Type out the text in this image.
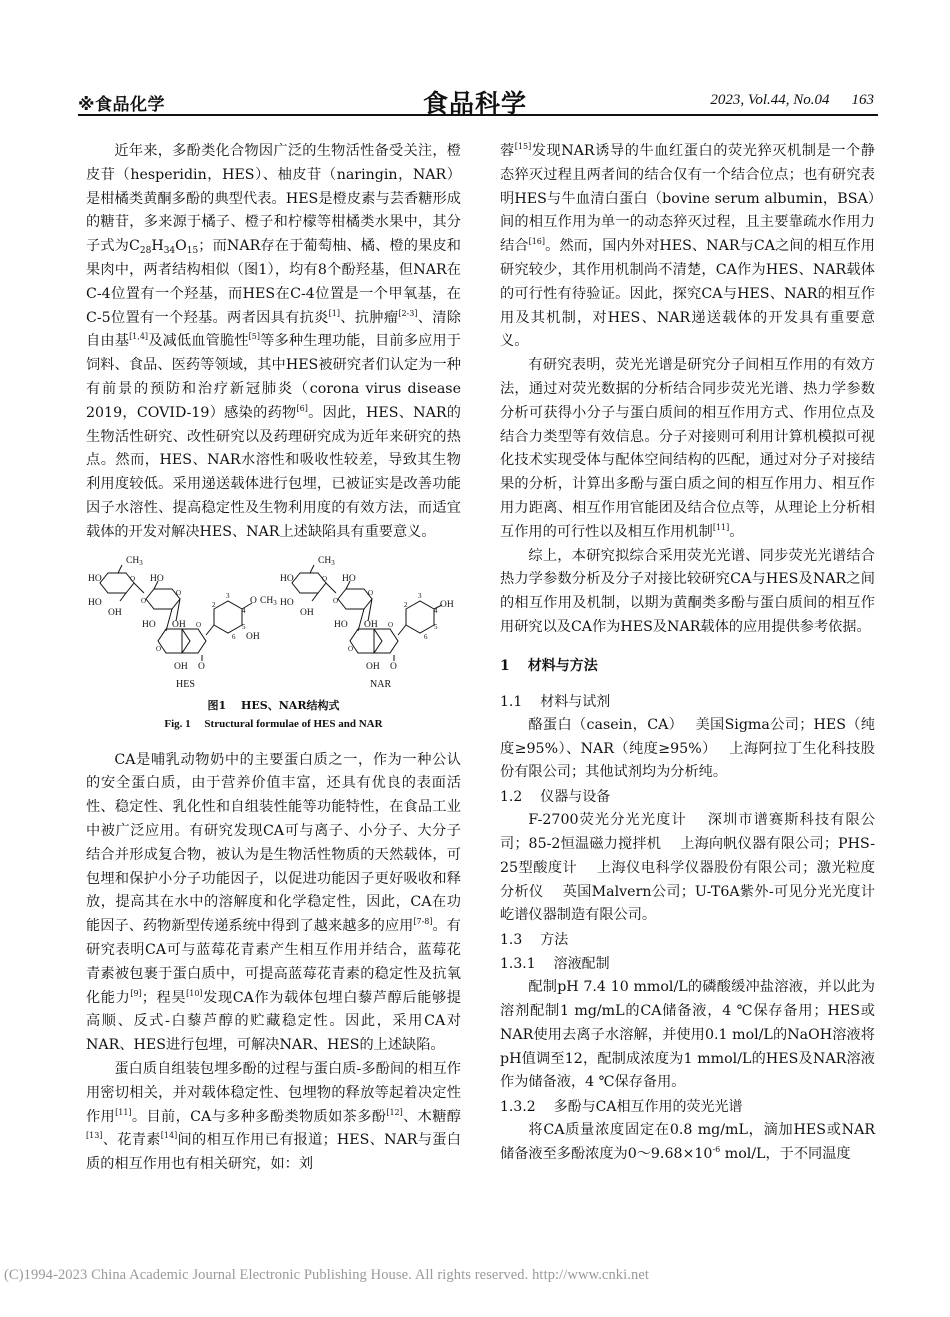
※食品化学	食品科学	2023, Vol.44, No.04 163

近年来，多酚类化合物因广泛的生物活性备受关注，橙皮苷（hesperidin，HES）、柚皮苷（naringin，NAR）是柑橘类黄酮多酚的典型代表。HES是橙皮素与芸香糖形成的糖苷，多来源于橘子、橙子和柠檬等柑橘类水果中，其分子式为$C_{28}H_{34}O_{15}$；而NAR存在于葡萄柚、橘、橙的果皮和果肉中，两者结构相似（图1），均有8个酚羟基，但NAR在C-4位置有一个羟基，而HES在C-4位置是一个甲氧基，在C-5位置有一个羟基。两者因具有抗炎[1]、抗肿瘤[2-3]、清除自由基[1,4]及减低血管脆性[5]等多种生理功能，目前多应用于饲料、食品、医药等领域，其中HES被研究者们认定为一种有前景的预防和治疗新冠肺炎（corona virus disease 2019，COVID-19）感染的药物[6]。因此，HES、NAR的生物活性研究、改性研究以及药理研究成为近年来研究的热点。然而，HES、NAR水溶性和吸收性较差，导致其生物利用度较低。采用递送载体进行包埋，已被证实是改善功能因子水溶性、提高稳定性及生物利用度的有效方法，而适宜载体的开发对解决HES、NAR上述缺陷具有重要意义。

$CH_3$
O
HO
HO
OH
O
O
HO
HO OH
O
O
OH O
3
2
5
6
4
O $CH_3$
OH
HES
$CH_3$
O
HO
HO
OH
O
O
HO
HO OH
O
O
OH O
3
2
5
6
4
OH
NAR
图1　 HES、NAR结构式
Fig. 1　 Structural formulae of HES and NAR

CA是哺乳动物奶中的主要蛋白质之一，作为一种公认的安全蛋白质，由于营养价值丰富，还具有优良的表面活性、稳定性、乳化性和自组装性能等功能特性，在食品工业中被广泛应用。有研究发现CA可与离子、小分子、大分子结合并形成复合物，被认为是生物活性物质的天然载体，可包埋和保护小分子功能因子，以促进功能因子更好吸收和释放，提高其在水中的溶解度和化学稳定性，因此，CA在功能因子、药物新型传递系统中得到了越来越多的应用[7-8]。有研究表明CA可与蓝莓花青素产生相互作用并结合，蓝莓花青素被包裹于蛋白质中，可提高蓝莓花青素的稳定性及抗氧化能力[9]；程昊[10]发现CA作为载体包埋白藜芦醇后能够提高顺、反式-白藜芦醇的贮藏稳定性。因此，采用CA对NAR、HES进行包埋，可解决NAR、HES的上述缺陷。

蛋白质自组装包埋多酚的过程与蛋白质-多酚间的相互作用密切相关，并对载体稳定性、包埋物的释放等起着决定性作用[11]。目前，CA与多种多酚类物质如茶多酚[12]、木糖醇[13]、花青素[14]间的相互作用已有报道；HES、NAR与蛋白质的相互作用也有相关研究，如：刘

蓉[15]发现NAR诱导的牛血红蛋白的荧光猝灭机制是一个静态猝灭过程且两者间的结合仅有一个结合位点；也有研究表明HES与牛血清白蛋白（bovine serum albumin，BSA）间的相互作用为单一的动态猝灭过程，且主要靠疏水作用力结合[16]。然而，国内外对HES、NAR与CA之间的相互作用研究较少，其作用机制尚不清楚，CA作为HES、NAR载体的可行性有待验证。因此，探究CA与HES、NAR的相互作用及其机制，对HES、NAR递送载体的开发具有重要意义。

有研究表明，荧光光谱是研究分子间相互作用的有效方法，通过对荧光数据的分析结合同步荧光光谱、热力学参数分析可获得小分子与蛋白质间的相互作用方式、作用位点及结合力类型等有效信息。分子对接则可利用计算机模拟可视化技术实现受体与配体空间结构的匹配，通过对分子对接结果的分析，计算出多酚与蛋白质之间的相互作用力、相互作用力距离、相互作用官能团及结合位点等，从理论上分析相互作用的可行性以及相互作用机制[11]。

综上，本研究拟综合采用荧光光谱、同步荧光光谱结合热力学参数分析及分子对接比较研究CA与HES及NAR之间的相互作用及机制，以期为黄酮类多酚与蛋白质间的相互作用研究以及CA作为HES及NAR载体的应用提供参考依据。

1 材料与方法
1.1 材料与试剂

酪蛋白（casein，CA）　 美国Sigma公司；HES（纯度≥95%）、NAR（纯度≥95%）　 上海阿拉丁生化科技股份有限公司；其他试剂均为分析纯。

1.2 仪器与设备

F-2700荧光分光光度计　 深圳市谱赛斯科技有限公司；85-2恒温磁力搅拌机　 上海向帆仪器有限公司；PHS-25型酸度计　 上海仪电科学仪器股份有限公司；激光粒度分析仪　 英国Malvern公司；U-T6A紫外-可见分光光度计　 屹谱仪器制造有限公司。

1.3 方法
1.3.1 溶液配制

配制pH 7.4 10 mmol/L的磷酸缓冲盐溶液，并以此为溶剂配制1 mg/mL的CA储备液，4 ℃保存备用；HES或NAR使用去离子水溶解，并使用0.1 mol/L的NaOH溶液将pH值调至12，配制成浓度为1 mmol/L的HES及NAR溶液作为储备液，4 ℃保存备用。

1.3.2 多酚与CA相互作用的荧光光谱

将CA质量浓度固定在0.8 mg/mL，滴加HES或NAR储备液至多酚浓度为$0\sim 9.68\times 10^{-6}$ mol/L，于不同温度

(C)1994-2023 China Academic Journal Electronic Publishing House. All rights reserved. http://www.cnki.net
